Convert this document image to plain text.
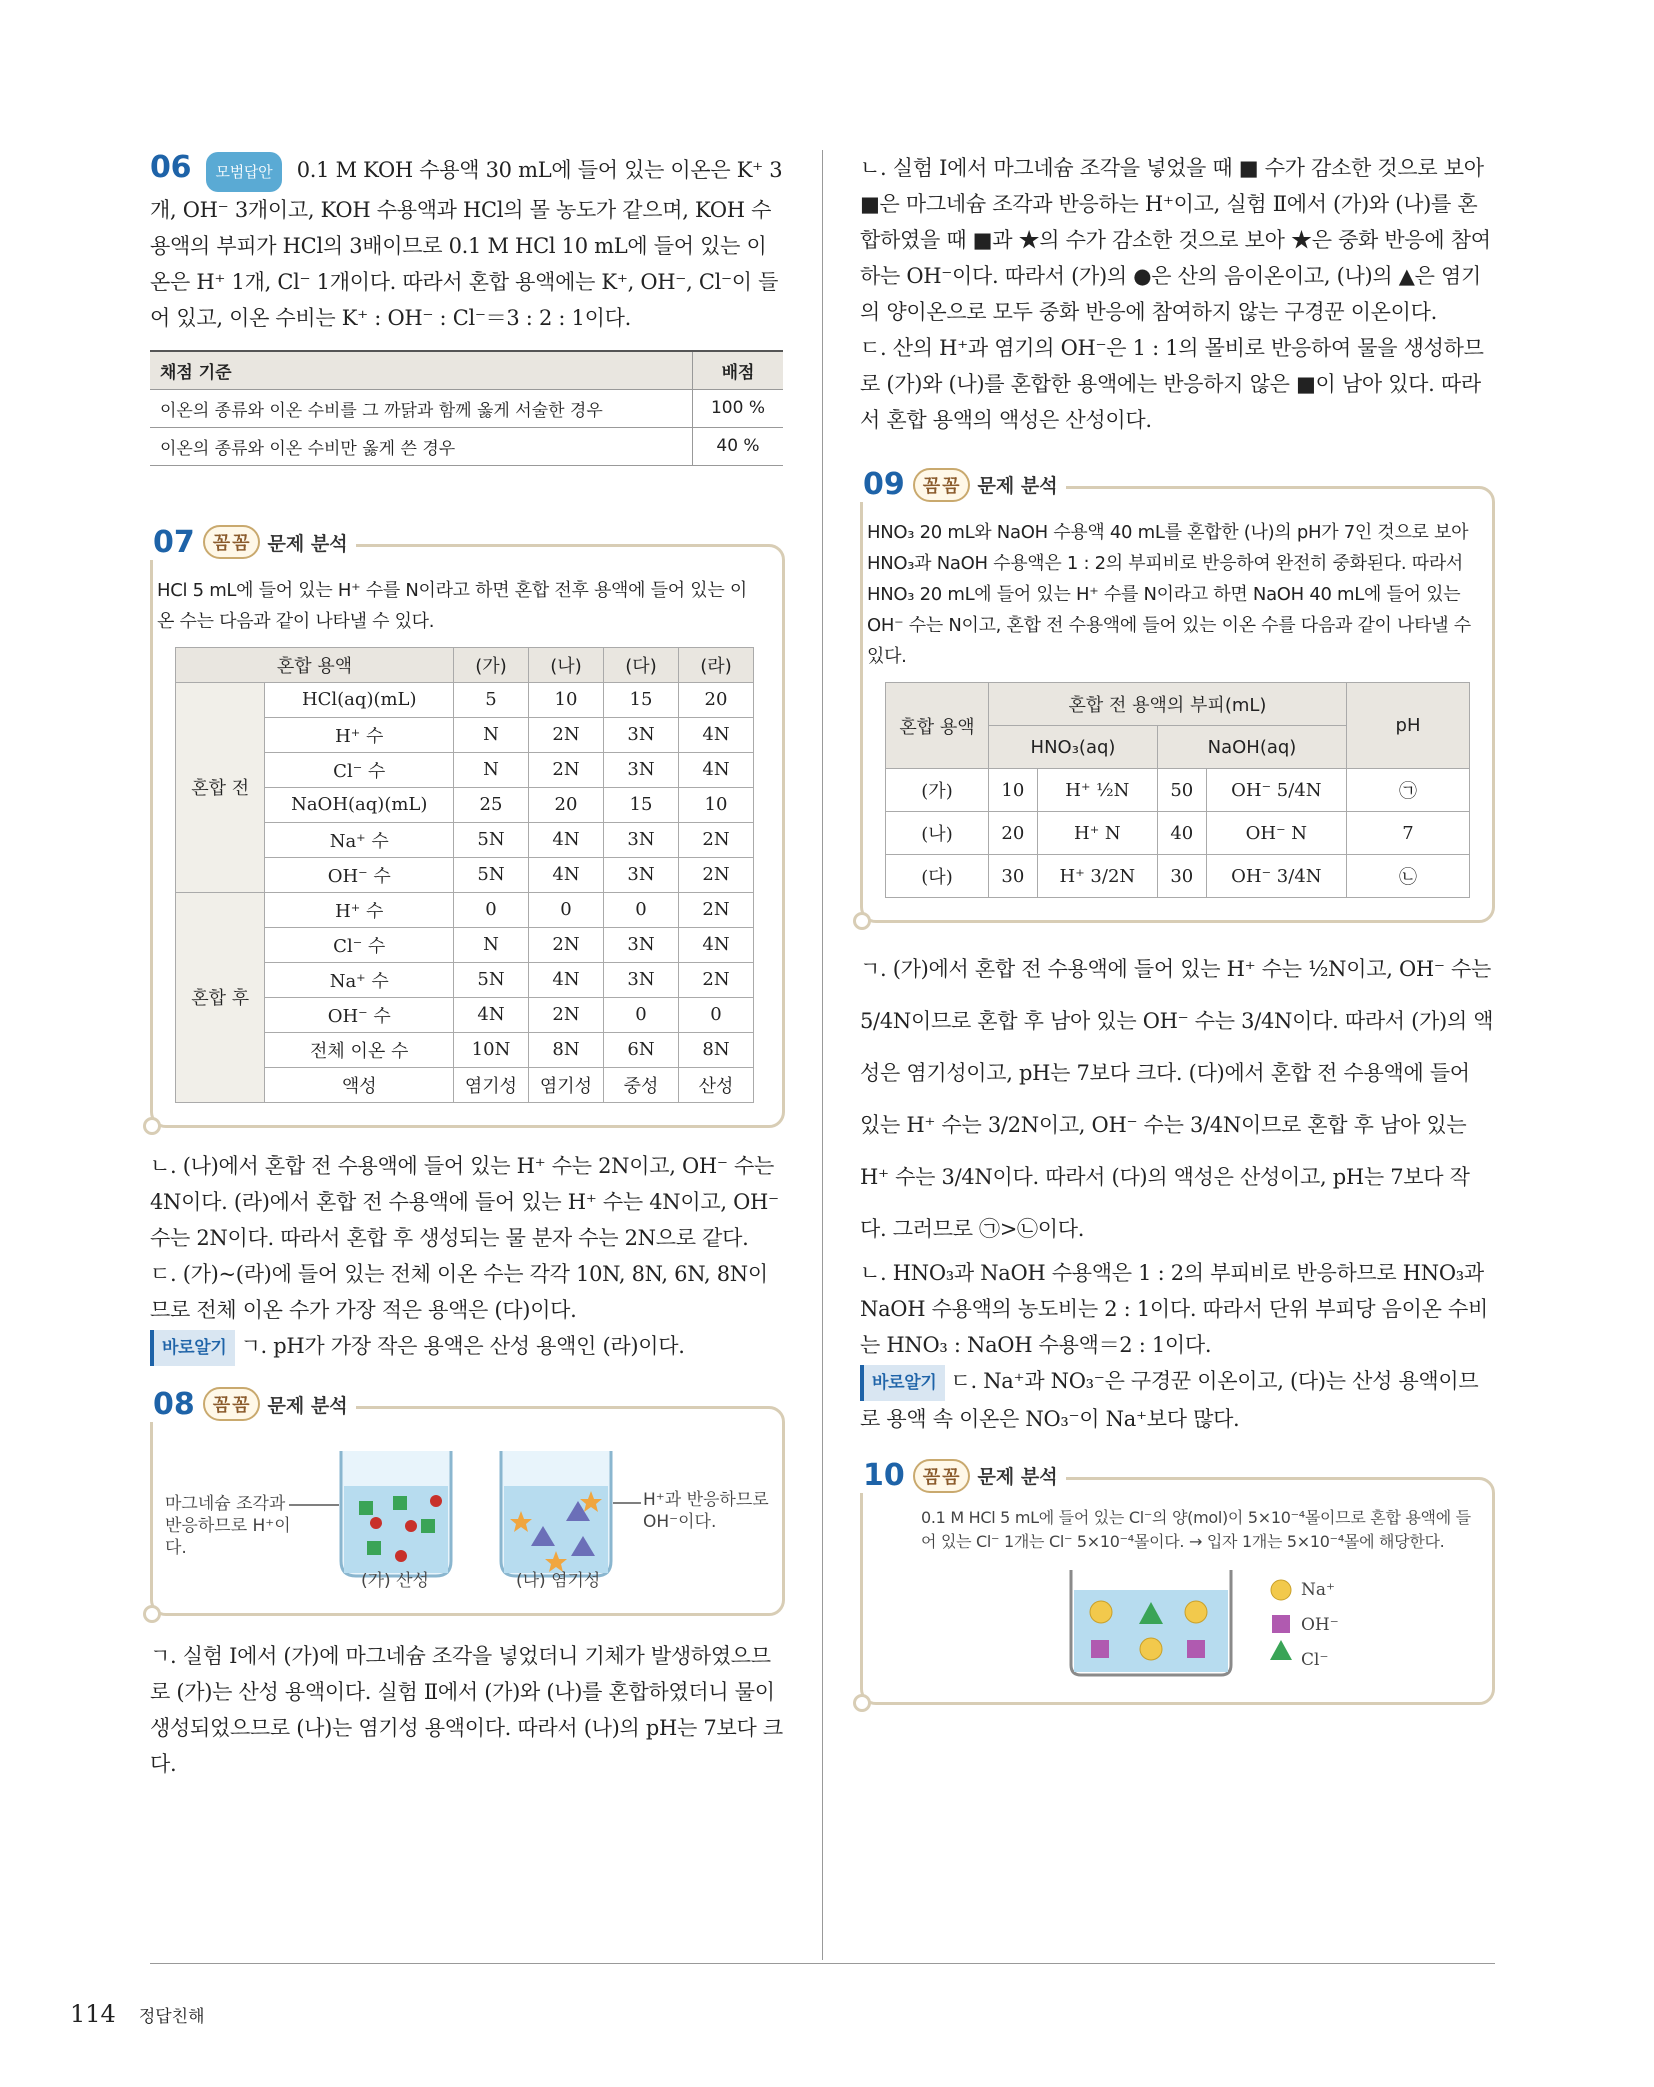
06 모범답안 0.1 M KOH 수용액 30 mL에 들어 있는 이온은 K⁺ 3개, OH⁻ 3개이고, KOH 수용액과 HCl의 몰 농도가 같으며, KOH 수용액의 부피가 HCl의 3배이므로 0.1 M HCl 10 mL에 들어 있는 이온은 H⁺ 1개, Cl⁻ 1개이다. 따라서 혼합 용액에는 K⁺, OH⁻, Cl⁻이 들어 있고, 이온 수비는 K⁺ : OH⁻ : Cl⁻＝3 : 2 : 1이다.

채점 기준	배점
이온의 종류와 이온 수비를 그 까닭과 함께 옳게 서술한 경우	100 %
이온의 종류와 이온 수비만 옳게 쓴 경우	40 %
07 꼼 꼼 문제 분석

HCl 5 mL에 들어 있는 H⁺ 수를 N이라고 하면 혼합 전후 용액에 들어 있는 이온 수는 다음과 같이 나타낼 수 있다.

혼합 용액		(가)	(나)	(다)	(라)
혼합 전	HCl(aq)(mL)	5	10	15	20
	H⁺ 수	N	2N	3N	4N
	Cl⁻ 수	N	2N	3N	4N
	NaOH(aq)(mL)	25	20	15	10
	Na⁺ 수	5N	4N	3N	2N
	OH⁻ 수	5N	4N	3N	2N
혼합 후	H⁺ 수	0	0	0	2N
	Cl⁻ 수	N	2N	3N	4N
	Na⁺ 수	5N	4N	3N	2N
	OH⁻ 수	4N	2N	0	0
	전체 이온 수	10N	8N	6N	8N
	액성	염기성	염기성	중성	산성

ㄴ. (나)에서 혼합 전 수용액에 들어 있는 H⁺ 수는 2N이고, OH⁻ 수는 4N이다. (라)에서 혼합 전 수용액에 들어 있는 H⁺ 수는 4N이고, OH⁻ 수는 2N이다. 따라서 혼합 후 생성되는 물 분자 수는 2N으로 같다.

ㄷ. (가)~(라)에 들어 있는 전체 이온 수는 각각 10N, 8N, 6N, 8N이므로 전체 이온 수가 가장 적은 용액은 (다)이다.

바로알기 ㄱ. pH가 가장 작은 용액은 산성 용액인 (라)이다.

08 꼼 꼼 문제 분석
마그네슘 조각과 반응하므로 H⁺이다.
H⁺과 반응하므로 OH⁻이다.
(가) 산성	(나) 염기성

ㄱ. 실험 Ⅰ에서 (가)에 마그네슘 조각을 넣었더니 기체가 발생하였으므로 (가)는 산성 용액이다. 실험 Ⅱ에서 (가)와 (나)를 혼합하였더니 물이 생성되었으므로 (나)는 염기성 용액이다. 따라서 (나)의 pH는 7보다 크다.

ㄴ. 실험 Ⅰ에서 마그네슘 조각을 넣었을 때 ■ 수가 감소한 것으로 보아 ■은 마그네슘 조각과 반응하는 H⁺이고, 실험 Ⅱ에서 (가)와 (나)를 혼합하였을 때 ■과 ★의 수가 감소한 것으로 보아 ★은 중화 반응에 참여하는 OH⁻이다. 따라서 (가)의 ●은 산의 음이온이고, (나)의 ▲은 염기의 양이온으로 모두 중화 반응에 참여하지 않는 구경꾼 이온이다.

ㄷ. 산의 H⁺과 염기의 OH⁻은 1 : 1의 몰비로 반응하여 물을 생성하므로 (가)와 (나)를 혼합한 용액에는 반응하지 않은 ■이 남아 있다. 따라서 혼합 용액의 액성은 산성이다.

09 꼼 꼼 문제 분석

HNO₃ 20 mL와 NaOH 수용액 40 mL를 혼합한 (나)의 pH가 7인 것으로 보아 HNO₃과 NaOH 수용액은 1 : 2의 부피비로 반응하여 완전히 중화된다. 따라서 HNO₃ 20 mL에 들어 있는 H⁺ 수를 N이라고 하면 NaOH 40 mL에 들어 있는 OH⁻ 수는 N이고, 혼합 전 수용액에 들어 있는 이온 수를 다음과 같이 나타낼 수 있다.

혼합 용액	혼합 전 용액의 부피(mL)				pH
	HNO₃(aq)		NaOH(aq)		
(가)	10	H⁺ ½N	50	OH⁻ 5/4N	㉠
(나)	20	H⁺ N	40	OH⁻ N	7
(다)	30	H⁺ 3/2N	30	OH⁻ 3/4N	㉡

ㄱ. (가)에서 혼합 전 수용액에 들어 있는 H⁺ 수는 ½N이고, OH⁻ 수는 5/4N이므로 혼합 후 남아 있는 OH⁻ 수는 3/4N이다. 따라서 (가)의 액성은 염기성이고, pH는 7보다 크다. (다)에서 혼합 전 수용액에 들어 있는 H⁺ 수는 3/2N이고, OH⁻ 수는 3/4N이므로 혼합 후 남아 있는 H⁺ 수는 3/4N이다. 따라서 (다)의 액성은 산성이고, pH는 7보다 작다. 그러므로 ㉠>㉡이다.

ㄴ. HNO₃과 NaOH 수용액은 1 : 2의 부피비로 반응하므로 HNO₃과 NaOH 수용액의 농도비는 2 : 1이다. 따라서 단위 부피당 음이온 수비는 HNO₃ : NaOH 수용액＝2 : 1이다.

바로알기 ㄷ. Na⁺과 NO₃⁻은 구경꾼 이온이고, (다)는 산성 용액이므로 용액 속 이온은 NO₃⁻이 Na⁺보다 많다.

10 꼼 꼼 문제 분석

0.1 M HCl 5 mL에 들어 있는 Cl⁻의 양(mol)이 5×10⁻⁴몰이므로 혼합 용액에 들어 있는 Cl⁻ 1개는 Cl⁻ 5×10⁻⁴몰이다. → 입자 1개는 5×10⁻⁴몰에 해당한다.

Na⁺
OH⁻
Cl⁻
114 정답친해
